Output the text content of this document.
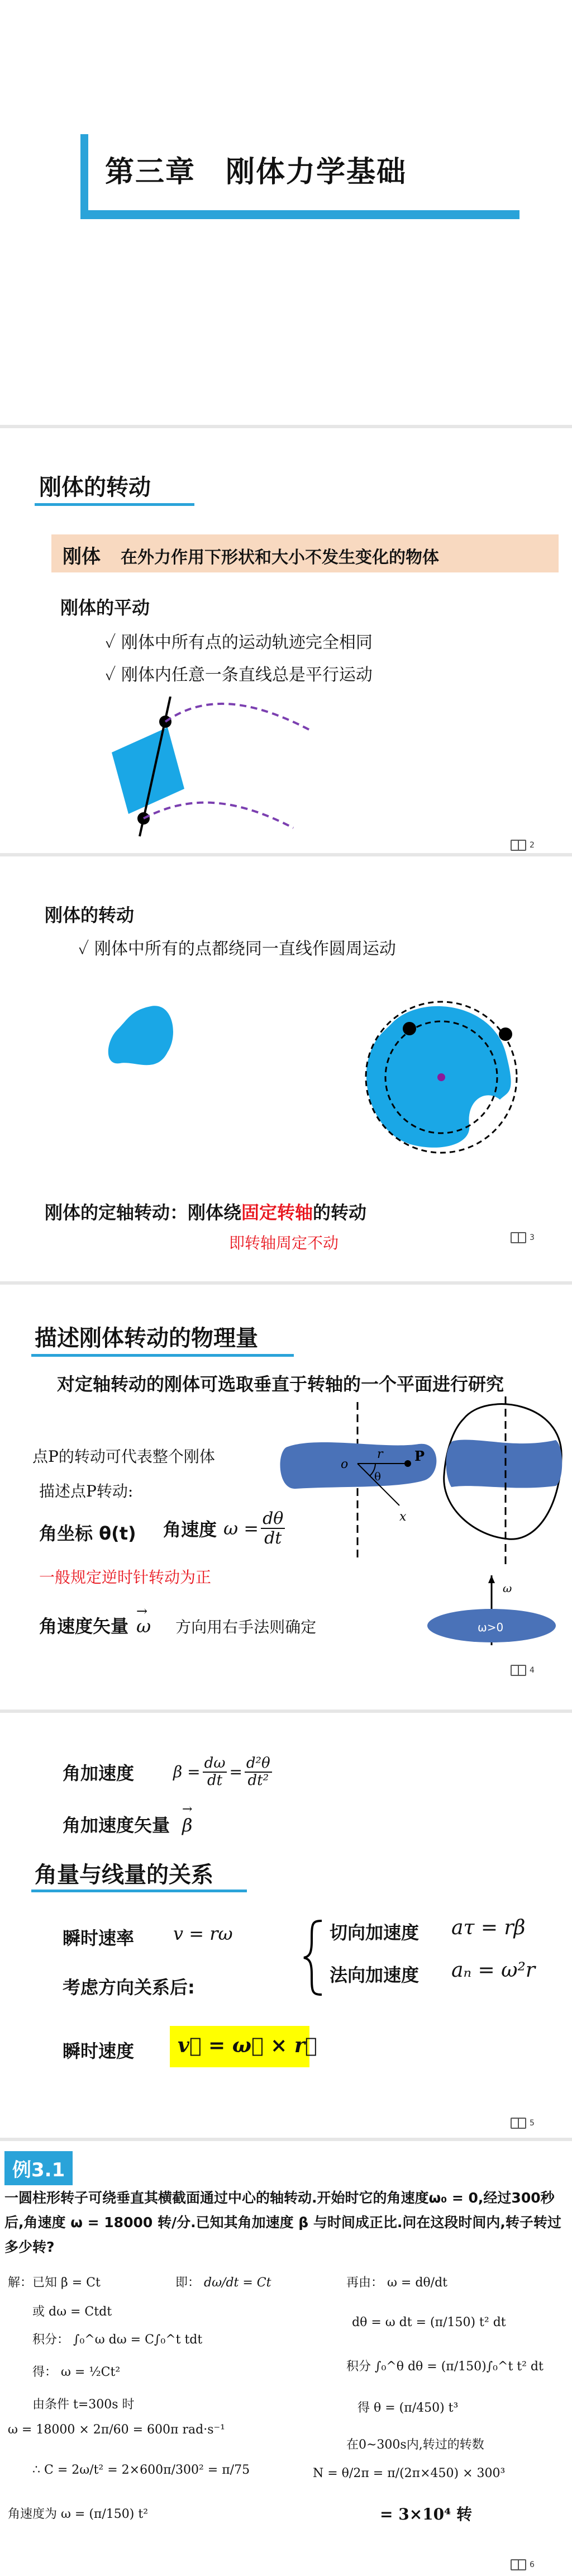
第三章　刚体力学基础
刚体的转动
刚体 在外力作用下形状和大小不发生变化的物体
刚体的平动
✓ 刚体中所有点的运动轨迹完全相同
✓ 刚体内任意一条直线总是平行运动
2
刚体的转动
✓ 刚体中所有的点都绕同一直线作圆周运动
刚体的定轴转动：刚体绕固定转轴的转动
即转轴周定不动	3
描述刚体转动的物理量
对定轴转动的刚体可选取垂直于转轴的一个平面进行研究
点P的转动可代表整个刚体
描述点P转动:
角坐标 θ(t) 角速度 $\omega = \frac{d\theta}{dt}$
一般规定逆时针转动为正
角速度矢量 ω
→
方向用右手法则确定
o
r P
θ
x
ω
ω>0
4
角加速度	$\beta = \frac{d\omega}{dt} = \frac{\text{d²θ}}{\text{dt²}}$
角加速度矢量 β
→
角量与线量的关系
瞬时速率 v = rω
考虑方向关系后:
切向加速度 aτ = rβ
法向加速度 aₙ = ω²r
瞬时速度 v⃗ = ω⃗ × r⃗
5
例3.1
一圆柱形转子可绕垂直其横截面通过中心的轴转动.开始时它的角速度ω₀ = 0,经过300秒后,角速度 ω = 18000 转/分.已知其角加速度 β 与时间成正比.问在这段时间内,转子转过多少转?
解：已知 β = Ct	即： dω/dt = Ct
或 dω = Ctdt
积分： ∫₀^ω dω = C∫₀^t tdt
得： ω = ½Ct²
由条件 t=300s 时
ω = 18000 × 2π/60 = 600π rad·s⁻¹
∴ C = 2ω/t² = 2×600π/300² = π/75
角速度为 ω = (π/150) t²
再由： ω = dθ/dt
dθ = ω dt = (π/150) t² dt
积分 ∫₀^θ dθ = (π/150)∫₀^t t² dt
得 θ = (π/450) t³
在0~300s内,转过的转数
N = θ/2π = π/(2π×450) × 300³
= 3×10⁴ 转
6
